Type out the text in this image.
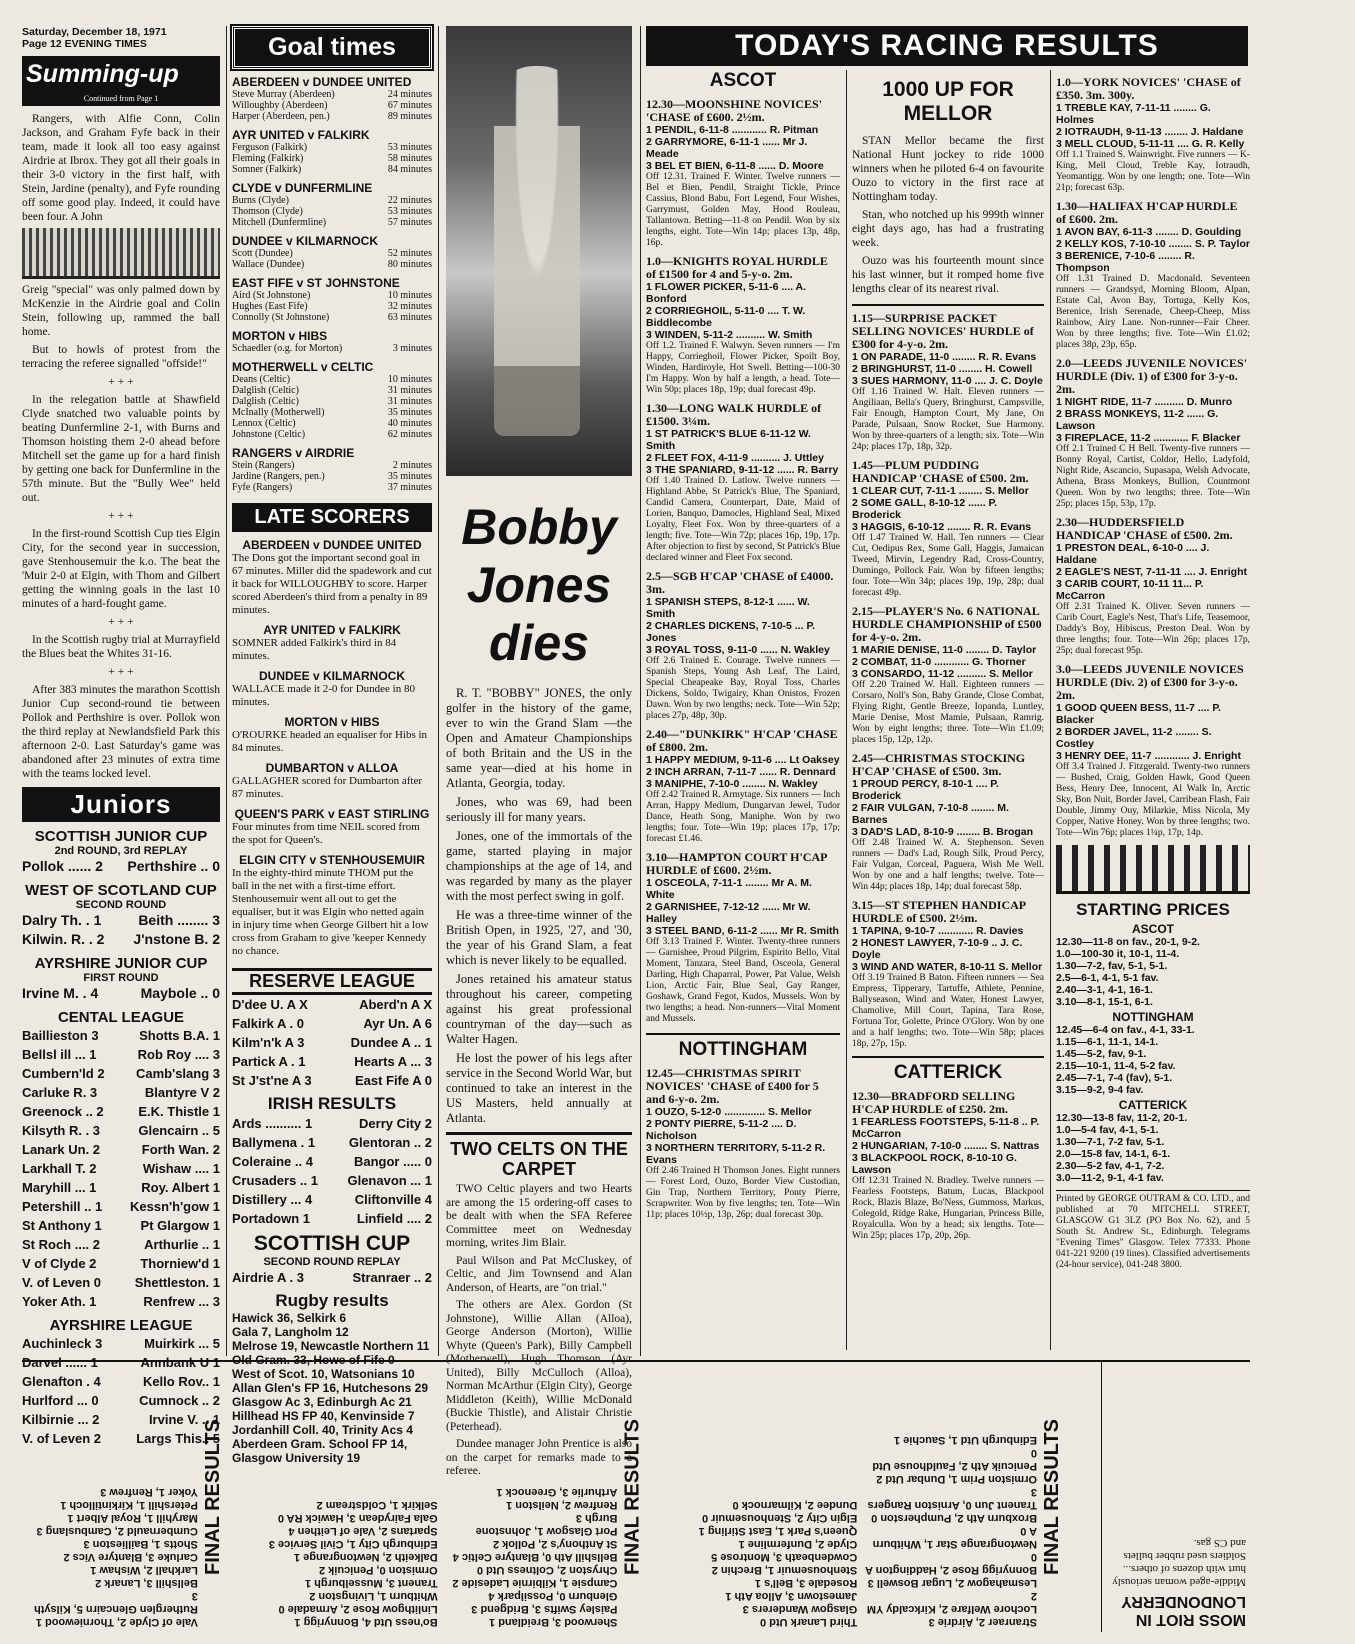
Saturday, December 18, 1971
Page 12 EVENING TIMES
Summing-up
Continued from Page 1

Rangers, with Alfie Conn, Colin Jackson, and Graham Fyfe back in their team, made it look all too easy against Airdrie at Ibrox. They got all their goals in their 3-0 victory in the first half, with Stein, Jardine (penalty), and Fyfe rounding off some good play. Indeed, it could have been four. A John

Greig "special" was only palmed down by McKenzie in the Airdrie goal and Colin Stein, following up, rammed the ball home.

But to howls of protest from the terracing the referee signalled "offside!"

+ + +

In the relegation battle at Shawfield Clyde snatched two valuable points by beating Dunfermline 2-1, with Burns and Thomson hoisting them 2-0 ahead before Mitchell set the game up for a hard finish by getting one back for Dunfermline in the 57th minute. But the "Bully Wee" held out.

+ + +

In the first-round Scottish Cup ties Elgin City, for the second year in succession, gave Stenhousemuir the k.o. The beat the 'Muir 2-0 at Elgin, with Thom and Gilbert getting the winning goals in the last 10 minutes of a hard-fought game.

+ + +

In the Scottish rugby trial at Murrayfield the Blues beat the Whites 31-16.

+ + +

After 383 minutes the marathon Scottish Junior Cup second-round tie between Pollok and Perthshire is over. Pollok won the third replay at Newlandsfield Park this afternoon 2-0. Last Saturday's game was abandoned after 23 minutes of extra time with the teams locked level.

Juniors
SCOTTISH JUNIOR CUP
2nd ROUND, 3rd REPLAY
Pollok ...... 2 Perthshire .. 0
WEST OF SCOTLAND CUP
SECOND ROUND
Dalry Th. . 1	Beith ........ 3
Kilwin. R. . 2 J'nstone B. 2
AYRSHIRE JUNIOR CUP
FIRST ROUND
Irvine M. . 4	Maybole .. 0
CENTAL LEAGUE
Baillieston 3	Shotts B.A. 1
Bellsl ill ... 1	Rob Roy .... 3
Cumbern'ld 2 Camb'slang 3
Carluke R. 3	Blantyre V 2
Greenock .. 2	E.K. Thistle 1
Kilsyth R. . 3	Glencairn .. 5
Lanark Un. 2	Forth Wan. 2
Larkhall T. 2	Wishaw .... 1
Maryhill ... 1	Roy. Albert 1
Petershill .. 1 Kessn'h'gow 1
St Anthony 1	Pt Glargow 1
St Roch .... 2	Arthurlie .. 1
V of Clyde 2	Thorniew'd 1
V. of Leven 0	Shettleston. 1
Yoker Ath. 1	Renfrew ... 3
AYRSHIRE LEAGUE
Auchinleck 3	Muirkirk ... 5
Darvel ...... 1	Annbank U 1
Glenafton . 4	Kello Rov.. 1
Hurlford ... 0	Cumnock .. 2
Kilbirnie ... 2	Irvine V. .. 1
V. of Leven 2	Largs This.. 5
Goal times
ABERDEEN v DUNDEE UNITED
Steve Murray (Aberdeen)	24 minutes
Willoughby (Aberdeen)	67 minutes
Harper (Aberdeen, pen.)	89 minutes
AYR UNITED v FALKIRK
Ferguson (Falkirk)	53 minutes
Fleming (Falkirk)	58 minutes
Somner (Falkirk)	84 minutes
CLYDE v DUNFERMLINE
Burns (Clyde)	22 minutes
Thomson (Clyde)	53 minutes
Mitchell (Dunfermline)	57 minutes
DUNDEE v KILMARNOCK
Scott (Dundee)	52 minutes
Wallace (Dundee)	80 minutes
EAST FIFE v ST JOHNSTONE
Aird (St Johnstone)	10 minutes
Hughes (East Fife)	32 minutes
Connolly (St Johnstone)	63 minutes
MORTON v HIBS
Schaedler (o.g. for Morton)	3 minutes
MOTHERWELL v CELTIC
Deans (Celtic)	10 minutes
Dalglish (Celtic)	31 minutes
Dalglish (Celtic)	31 minutes
McInally (Motherwell)	35 minutes
Lennox (Celtic)	40 minutes
Johnstone (Celtic)	62 minutes
RANGERS v AIRDRIE
Stein (Rangers)	2 minutes
Jardine (Rangers, pen.)	35 minutes
Fyfe (Rangers)	37 minutes
LATE SCORERS
ABERDEEN v DUNDEE UNITED
The Dons got the important second goal in 67 minutes. Miller did the spadework and cut it back for WILLOUGHBY to score. Harper scored Aberdeen's third from a penalty in 89 minutes.
AYR UNITED v FALKIRK
SOMNER added Falkirk's third in 84 minutes.
DUNDEE v KILMARNOCK
WALLACE made it 2-0 for Dundee in 80 minutes.
MORTON v HIBS
O'ROURKE headed an equaliser for Hibs in 84 minutes.
DUMBARTON v ALLOA
GALLAGHER scored for Dumbarton after 87 minutes.
QUEEN'S PARK v EAST STIRLING
Four minutes from time NEIL scored from the spot for Queen's.
ELGIN CITY v STENHOUSEMUIR
In the eighty-third minute THOM put the ball in the net with a first-time effort. Stenhousemuir went all out to get the equaliser, but it was Elgin who netted again in injury time when George Gilbert hit a low cross from Graham to give 'keeper Kennedy no chance.
RESERVE LEAGUE
D'dee U. A X	Aberd'n A X
Falkirk A . 0	Ayr Un. A 6
Kilm'n'k A 3	Dundee A .. 1
Partick A . 1	Hearts A ... 3
St J'st'ne A 3	East Fife A 0
IRISH RESULTS
Ards .......... 1	Derry City 2
Ballymena . 1	Glentoran .. 2
Coleraine .. 4	Bangor ..... 0
Crusaders .. 1 Glenavon ... 1
Distillery ... 4	Cliftonville 4
Portadown 1	Linfield .... 2
SCOTTISH CUP
SECOND ROUND REPLAY
Airdrie A . 3	Stranraer .. 2
Rugby results
Hawick 36, Selkirk 6
Gala 7, Langholm 12
Melrose 19, Newcastle Northern 11
Old Gram. 33, Howe of Fife 0
West of Scot. 10, Watsonians 10
Allan Glen's FP 16, Hutchesons 29
Glasgow Ac 3, Edinburgh Ac 21
Hillhead HS FP 40, Kenvinside 7
Jordanhill Coll. 40, Trinity Acs 4
Aberdeen Gram. School FP 14,
Glasgow University 19
Bobby
Jones
dies

R. T. "BOBBY" JONES, the only golfer in the history of the game, ever to win the Grand Slam —the Open and Amateur Championships of both Britain and the US in the same year—died at his home in Atlanta, Georgia, today.

Jones, who was 69, had been seriously ill for many years.

Jones, one of the immortals of the game, started playing in major championships at the age of 14, and was regarded by many as the player with the most perfect swing in golf.

He was a three-time winner of the British Open, in 1925, '27, and '30, the year of his Grand Slam, a feat which is never likely to be equalled.

Jones retained his amateur status throughout his career, competing against his great professional countryman of the day—such as Walter Hagen.

He lost the power of his legs after service in the Second World War, but continued to take an interest in the US Masters, held annually at Atlanta.

TWO CELTS ON THE CARPET

TWO Celtic players and two Hearts are among the 15 ordering-off cases to be dealt with when the SFA Referee Committee meet on Wednesday morning, writes Jim Blair.

Paul Wilson and Pat McCluskey, of Celtic, and Jim Townsend and Alan Anderson, of Hearts, are "on trial."

The others are Alex. Gordon (St Johnstone), Willie Allan (Alloa), George Anderson (Morton), Willie Whyte (Queen's Park), Billy Campbell (Motherwell), Hugh Thomson (Ayr United), Billy McCulloch (Alloa), Norman McArthur (Elgin City), George Middleton (Keith), Willie McDonald (Buckie Thistle), and Alistair Christie (Peterhead).

Dundee manager John Prentice is also on the carpet for remarks made to a referee.

TODAY'S RACING RESULTS
ASCOT
12.30—MOONSHINE NOVICES' 'CHASE of £600. 2½m.
1 PENDIL, 6-11-8 ............ R. Pitman
2 GARRYMORE, 6-11-1 ...... Mr J. Meade
3 BEL ET BIEN, 6-11-8 ...... D. Moore
Off 12.31. Trained F. Winter. Twelve runners — Bel et Bien, Pendil, Straight Tickle, Prince Cassius, Blond Babu, Fort Legend, Four Wishes, Garrymust, Golden May, Hood Rouleau, Tallantown. Betting—11-8 on Pendil. Won by six lengths, eight. Tote—Win 14p; places 13p, 48p, 16p.
1.0—KNIGHTS ROYAL HURDLE of £1500 for 4 and 5-y-o. 2m.
1 FLOWER PICKER, 5-11-6 .... A. Bonford
2 CORRIEGHOIL, 5-11-0 .... T. W. Biddlecombe
3 WINDEN, 5-11-2 .......... W. Smith
Off 1.2. Trained F. Walwyn. Seven runners — I'm Happy, Corrieghoil, Flower Picker, Spoilt Boy, Winden, Hardiroyle, Hot Swell. Betting—100-30 I'm Happy. Won by half a length, a head. Tote—Win 50p; places 18p, 19p; dual forecast 49p.
1.30—LONG WALK HURDLE of £1500. 3¼m.
1 ST PATRICK'S BLUE 6-11-12 W. Smith
2 FLEET FOX, 4-11-9 .......... J. Uttley
3 THE SPANIARD, 9-11-12 ...... R. Barry
Off 1.40 Trained D. Latlow. Twelve runners — Highland Abbe, St Patrick's Blue, The Spaniard, Candid Camera, Counterpart, Date, Maid of Lorien, Banquo, Damocles, Highland Seal, Mixed Loyalty, Fleet Fox. Won by three-quarters of a length; five. Tote—Win 72p; places 16p, 19p, 17p. After objection to first by second, St Patrick's Blue declared winner and Fleet Fox second.
2.5—SGB H'CAP 'CHASE of £4000. 3m.
1 SPANISH STEPS, 8-12-1 ...... W. Smith
2 CHARLES DICKENS, 7-10-5 ... P. Jones
3 ROYAL TOSS, 9-11-0 ...... N. Wakley
Off 2.6 Trained E. Courage. Twelve runners — Spanish Steps, Young Ash Leaf, The Laird, Special Cheapeake Bay, Royal Toss, Charles Dickens, Soldo, Twigairy, Khan Onistos, Frozen Dawn. Won by two lengths; neck. Tote—Win 52p; places 27p, 48p, 30p.
2.40—"DUNKIRK" H'CAP 'CHASE of £800. 2m.
1 HAPPY MEDIUM, 9-11-6 .... Lt Oaksey
2 INCH ARRAN, 7-11-7 ...... R. Dennard
3 MANIPHE, 7-10-0 ........ N. Wakley
Off 2.42 Trained R. Armytage. Six runners — Inch Arran, Happy Medium, Dungarvan Jewel, Tudor Dance, Heath Song, Maniphe. Won by two lengths; four. Tote—Win 19p; places 17p, 17p; forecast £1.46.
3.10—HAMPTON COURT H'CAP HURDLE of £600. 2½m.
1 OSCEOLA, 7-11-1 ........ Mr A. M. White
2 GARNISHEE, 7-12-12 ...... Mr W. Halley
3 STEEL BAND, 6-11-2 ...... Mr R. Smith
Off 3.13 Trained F. Winter. Twenty-three runners — Garnishee, Proud Pilgrim, Espirito Bello, Vital Moment, Tanzara, Steel Band, Osceola, General Darling, High Chaparral, Power, Pat Value, Welsh Lion, Arctic Fair, Blue Seal, Gay Ranger, Goshawk, Grand Fegot, Kudos, Mussels. Won by two lengths; a head. Non-runners—Vital Moment and Mussels.
NOTTINGHAM
12.45—CHRISTMAS SPIRIT NOVICES' 'CHASE of £400 for 5 and 6-y-o. 2m.
1 OUZO, 5-12-0 .............. S. Mellor
2 PONTY PIERRE, 5-11-2 .... D. Nicholson
3 NORTHERN TERRITORY, 5-11-2 R. Evans
Off 2.46 Trained H Thomson Jones. Eight runners — Forest Lord, Ouzo, Border View Custodian, Gin Trap, Northern Territory, Ponty Pierre, Scrapwriter. Won by five lengths; ten. Tote—Win 11p; places 10½p, 13p, 26p; dual forecast 30p.
1000 UP FOR MELLOR

STAN Mellor became the first National Hunt jockey to ride 1000 winners when he piloted 6-4 on favourite Ouzo to victory in the first race at Nottingham today.

Stan, who notched up his 999th winner eight days ago, has had a frustrating week.

Ouzo was his fourteenth mount since his last winner, but it romped home five lengths clear of its nearest rival.

1.15—SURPRISE PACKET SELLING NOVICES' HURDLE of £300 for 4-y-o. 2m.
1 ON PARADE, 11-0 ........ R. R. Evans
2 BRINGHURST, 11-0 ........ H. Cowell
3 SUES HARMONY, 11-0 .... J. C. Doyle
Off 1.16 Trained W. Halt. Eleven runners — Angiliaan, Bella's Query, Bringhurst, Campsville, Fair Enough, Hampton Court, My Jane, On Parade, Pulsaan, Snow Rocket, Sue Harmony. Won by three-quarters of a length; six. Tote—Win 24p; places 17p, 18p, 32p.
1.45—PLUM PUDDING HANDICAP 'CHASE of £500. 2m.
1 CLEAR CUT, 7-11-1 ........ S. Mellor
2 SOME GALL, 8-10-12 ...... P. Broderick
3 HAGGIS, 6-10-12 ........ R. R. Evans
Off 1.47 Trained W. Hall. Ten runners — Clear Cut, Oedipus Rex, Some Gall, Haggis, Jamaican Tweed, Mirvin, Legendry Rad, Cross-Country, Dumingo, Pollock Fair. Won by fifteen lengths; four. Tote—Win 34p; places 19p, 19p, 28p; dual forecast 49p.
2.15—PLAYER'S No. 6 NATIONAL HURDLE CHAMPIONSHIP of £500 for 4-y-o. 2m.
1 MARIE DENISE, 11-0 ........ D. Taylor
2 COMBAT, 11-0 ............ G. Thorner
3 CONSARDO, 11-12 .......... S. Mellor
Off 2.20 Trained W. Hall. Eighteen runners — Corsaro, Noll's Son, Baby Grande, Close Combat, Flying Right, Gentle Breeze, Iopanda, Luntley, Marie Denise, Most Mamie, Pulsaan, Ramrig. Won by eight lengths; three. Tote—Win £1.09; places 15p, 12p, 12p.
2.45—CHRISTMAS STOCKING H'CAP 'CHASE of £500. 3m.
1 PROUD PERCY, 8-10-1 .... P. Broderick
2 FAIR VULGAN, 7-10-8 ........ M. Barnes
3 DAD'S LAD, 8-10-9 ........ B. Brogan
Off 2.48 Trained W. A. Stephenson. Seven runners — Dad's Lad, Rough Silk, Proud Percy, Fair Vulgan, Corceal, Paguera, Wish Me Well. Won by one and a half lengths; twelve. Tote—Win 44p; places 18p, 14p; dual forecast 58p.
3.15—ST STEPHEN HANDICAP HURDLE of £500. 2½m.
1 TAPINA, 9-10-7 ............ R. Davies
2 HONEST LAWYER, 7-10-9 .. J. C. Doyle
3 WIND AND WATER, 8-10-11 S. Mellor
Off 3.19 Trained B Baton. Fifteen runners — Sea Empress, Tipperary, Tartuffe, Athlete, Pennine, Ballyseason, Wind and Water, Honest Lawyer, Chamolive, Mill Court, Tapina, Tara Rose, Fortuna Tor, Golette, Prince O'Glory. Won by one and a half lengths; two. Tote—Win 58p; places 18p, 27p, 15p.
CATTERICK
12.30—BRADFORD SELLING H'CAP HURDLE of £250. 2m.
1 FEARLESS FOOTSTEPS, 5-11-8 .. P. McCarron
2 HUNGARIAN, 7-10-0 ........ S. Nattras
3 BLACKPOOL ROCK, 8-10-10 G. Lawson
Off 12.31 Trained N. Bradley. Twelve runners — Fearless Footsteps, Batum, Lucas, Blackpool Rock, Blazis Blaze, Bo'Ness, Gummoss, Markus, Colegold, Ridge Rake, Hungarian, Princess Bille, Royalculla. Won by a head; six lengths. Tote—Win 25p; places 17p, 20p, 26p.
1.0—YORK NOVICES' 'CHASE of £350. 3m. 300y.
1 TREBLE KAY, 7-11-11 ........ G. Holmes
2 IOTRAUDH, 9-11-13 ........ J. Haldane
3 MELL CLOUD, 5-11-11 .... G. R. Kelly
Off 1.1 Trained S. Wainwright. Five runners — K-King, Mell Cloud, Treble Kay, Iotraudh, Yeomantigg. Won by one length; one. Tote—Win 21p; forecast 63p.
1.30—HALIFAX H'CAP HURDLE of £600. 2m.
1 AVON BAY, 6-11-3 ........ D. Goulding
2 KELLY KOS, 7-10-10 ........ S. P. Taylor
3 BERENICE, 7-10-6 ........ R. Thompson
Off 1.31 Trained D. Macdonald. Seventeen runners — Grandsyd, Morning Bloom, Alpan, Estate Cal, Avon Bay, Tortuga, Kelly Kos, Berenice, Irish Serenade, Cheep-Cheep, Miss Rainbow, Airy Lane. Non-runner—Fair Cheer. Won by three lengths; five. Tote—Win £1.02; places 38p, 23p, 65p.
2.0—LEEDS JUVENILE NOVICES' HURDLE (Div. 1) of £300 for 3-y-o. 2m.
1 NIGHT RIDE, 11-7 .......... D. Munro
2 BRASS MONKEYS, 11-2 ...... G. Lawson
3 FIREPLACE, 11-2 ............ F. Blacker
Off 2.1 Trained C H Bell. Twenty-five runners — Bonny Royal, Cartist, Coldor, Hello, Ladyfold, Night Ride, Ascancio, Supasapa, Welsh Advocate, Athena, Brass Monkeys, Bullion, Countmont Queen. Won by two lengths; three. Tote—Win 25p; places 15p, 53p, 17p.
2.30—HUDDERSFIELD HANDICAP 'CHASE of £500. 2m.
1 PRESTON DEAL, 6-10-0 .... J. Haldane
2 EAGLE'S NEST, 7-11-11 .... J. Enright
3 CARIB COURT, 10-11 11... P. McCarron
Off 2.31 Trained K. Oliver. Seven runners — Carib Court, Eagle's Nest, That's Life, Teasemoor, Daddy's Boy, Hibiscus, Preston Deal. Won by three lengths; four. Tote—Win 26p; places 17p, 25p; dual forecast 95p.
3.0—LEEDS JUVENILE NOVICES HURDLE (Div. 2) of £300 for 3-y-o. 2m.
1 GOOD QUEEN BESS, 11-7 .... P. Blacker
2 BORDER JAVEL, 11-2 ........ S. Costley
3 HENRY DEE, 11-7 ............ J. Enright
Off 3.4 Trained J. Fitzgerald. Twenty-two runners — Bushed, Craig, Golden Hawk, Good Queen Bess, Henry Dee, Innocent, Al Walk In, Arctic Sky, Bon Nuit, Border Javel, Carribean Flash, Fair Double, Jimmy Ouy, Milarkie, Miss Nicola, My Copper, Native Honey. Won by three lengths; two. Tote—Win 76p; places 1¼p, 17p, 14p.
STARTING PRICES
ASCOT
12.30—11-8 on fav., 20-1, 9-2.
1.0—100-30 it, 10-1, 11-4.
1.30—7-2, fav, 5-1, 5-1.
2.5—6-1, 4-1, 5-1 fav.
2.40—3-1, 4-1, 16-1.
3.10—8-1, 15-1, 6-1.
NOTTINGHAM
12.45—6-4 on fav., 4-1, 33-1.
1.15—6-1, 11-1, 14-1.
1.45—5-2, fav, 9-1.
2.15—10-1, 11-4, 5-2 fav.
2.45—7-1, 7-4 (fav), 5-1.
3.15—9-2, 9-4 fav.
CATTERICK
12.30—13-8 fav, 11-2, 20-1.
1.0—5-4 fav, 4-1, 5-1.
1.30—7-1, 7-2 fav, 5-1.
2.0—15-8 fav, 14-1, 6-1.
2.30—5-2 fav, 4-1, 7-2.
3.0—11-2, 9-1, 4-1 fav.
Printed by GEORGE OUTRAM & CO. LTD., and published at 70 MITCHELL STREET, GLASGOW G1 3LZ (PO Box No. 62), and 5 South St. Andrew St., Edinburgh. Telegrams "Evening Times" Glasgow. Telex 77333. Phone 041-221 9200 (19 lines). Classified advertisements (24-hour service), 041-248 3800.
MOSS RIOT IN LONDONDERRY
Middle-aged woman seriously hurt with dozens of others... Soldiers used rubber bullets and CS gas.
FINAL RESULTS
Stranraer 2, Airdrie 3
Lochore Welfare 2, Kirkcaldy YM 2
Lesmahagow 2, Lugar Boswell 3
Bonnyrigg Rose 2, Haddington A 0
Newtongrange Star 1, Whitburn A 0
Broxburn Ath 2, Pumpherston 0
Tranent Jun 0, Arniston Rangers 3
Ormiston Prim 1, Dunbar Utd 2
Penicuik Ath 2, Fauldhouse Utd 0
Edinburgh Utd 1, Sauchie 1
Third Lanark Utd 0
Glasgow Wanderers 3
Jamestown 3, Alloa Ath 1
Rosedale 3, Bell's 1
Stenhousemuir 1, Brechin 2
Cowdenbeath 3, Montrose 5
Clyde 2, Dunfermline 1
Queen's Park 1, East Stirling 1
Elgin City 2, Stenhousemuir 0
Dundee 2, Kilmarnock 0
FINAL RESULTS
Sherwood 3, Breidland 1
Paisley Swifts 3, Bridgend 3
Glenburn 0, Possilpark 4
Campsie 1, Kilbirnie Ladeside 2
Chryston 2, Coltness Utd 0
Bellshill Ath 0, Blantyre Celtic 4
St Anthony's 2, Pollok 2
Port Glasgow 1, Johnstone Burgh 3
Renfrew 2, Neilston 1
Arthurlie 3, Greenock 1
Bo'ness Utd 4, Bonnyrigg 1
Linlithgow Rose 2, Armadale 0
Whitburn 1, Livingston 2
Tranent 3, Musselburgh 1
Ormiston 0, Penicuik 2
Dalkeith 2, Newtongrange 1
Edinburgh City 1, Civil Service 3
Spartans 2, Vale of Leithen 4
Gala Fairydean 3, Hawick RA 0
Selkirk 1, Coldstream 2
FINAL RESULTS
Vale of Clyde 2, Thorniewood 1
Rutherglen Glencairn 5, Kilsyth 3
Bellshill 3, Lanark 2
Larkhall 2, Wishaw 1
Carluke 3, Blantyre Vics 2
Shotts 1, Baillieston 3
Cumbernauld 2, Cambuslang 3
Maryhill 1, Royal Albert 1
Petershill 1, Kirkintilloch 1
Yoker 1, Renfrew 3
